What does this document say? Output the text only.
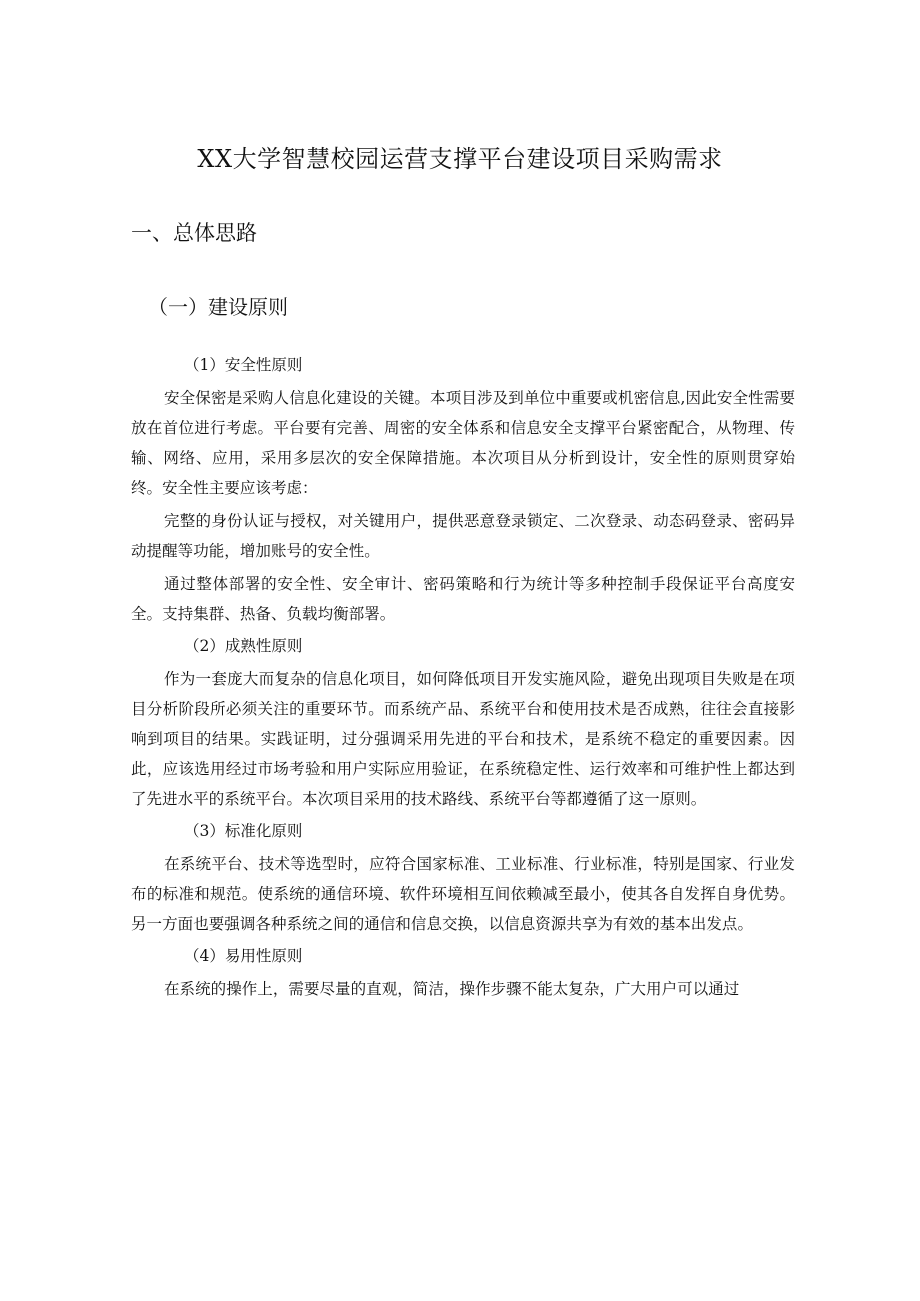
XX大学智慧校园运营支撑平台建设项目采购需求
一、总体思路
（一）建设原则

（1）安全性原则

安全保密是采购人信息化建设的关键。本项目涉及到单位中重要或机密信息,因此安全性需要放在首位进行考虑。平台要有完善、周密的安全体系和信息安全支撑平台紧密配合，从物理、传输、网络、应用，采用多层次的安全保障措施。本次项目从分析到设计，安全性的原则贯穿始终。安全性主要应该考虑：

完整的身份认证与授权，对关键用户，提供恶意登录锁定、二次登录、动态码登录、密码异动提醒等功能，增加账号的安全性。

通过整体部署的安全性、安全审计、密码策略和行为统计等多种控制手段保证平台高度安全。支持集群、热备、负载均衡部署。

（2）成熟性原则

作为一套庞大而复杂的信息化项目，如何降低项目开发实施风险，避免出现项目失败是在项目分析阶段所必须关注的重要环节。而系统产品、系统平台和使用技术是否成熟，往往会直接影响到项目的结果。实践证明，过分强调采用先进的平台和技术，是系统不稳定的重要因素。因此，应该选用经过市场考验和用户实际应用验证，在系统稳定性、运行效率和可维护性上都达到了先进水平的系统平台。本次项目采用的技术路线、系统平台等都遵循了这一原则。

（3）标准化原则

在系统平台、技术等选型时，应符合国家标准、工业标准、行业标准，特别是国家、行业发布的标准和规范。使系统的通信环境、软件环境相互间依赖减至最小，使其各自发挥自身优势。另一方面也要强调各种系统之间的通信和信息交换，以信息资源共享为有效的基本出发点。

（4）易用性原则

在系统的操作上，需要尽量的直观，简洁，操作步骤不能太复杂，广大用户可以通过
